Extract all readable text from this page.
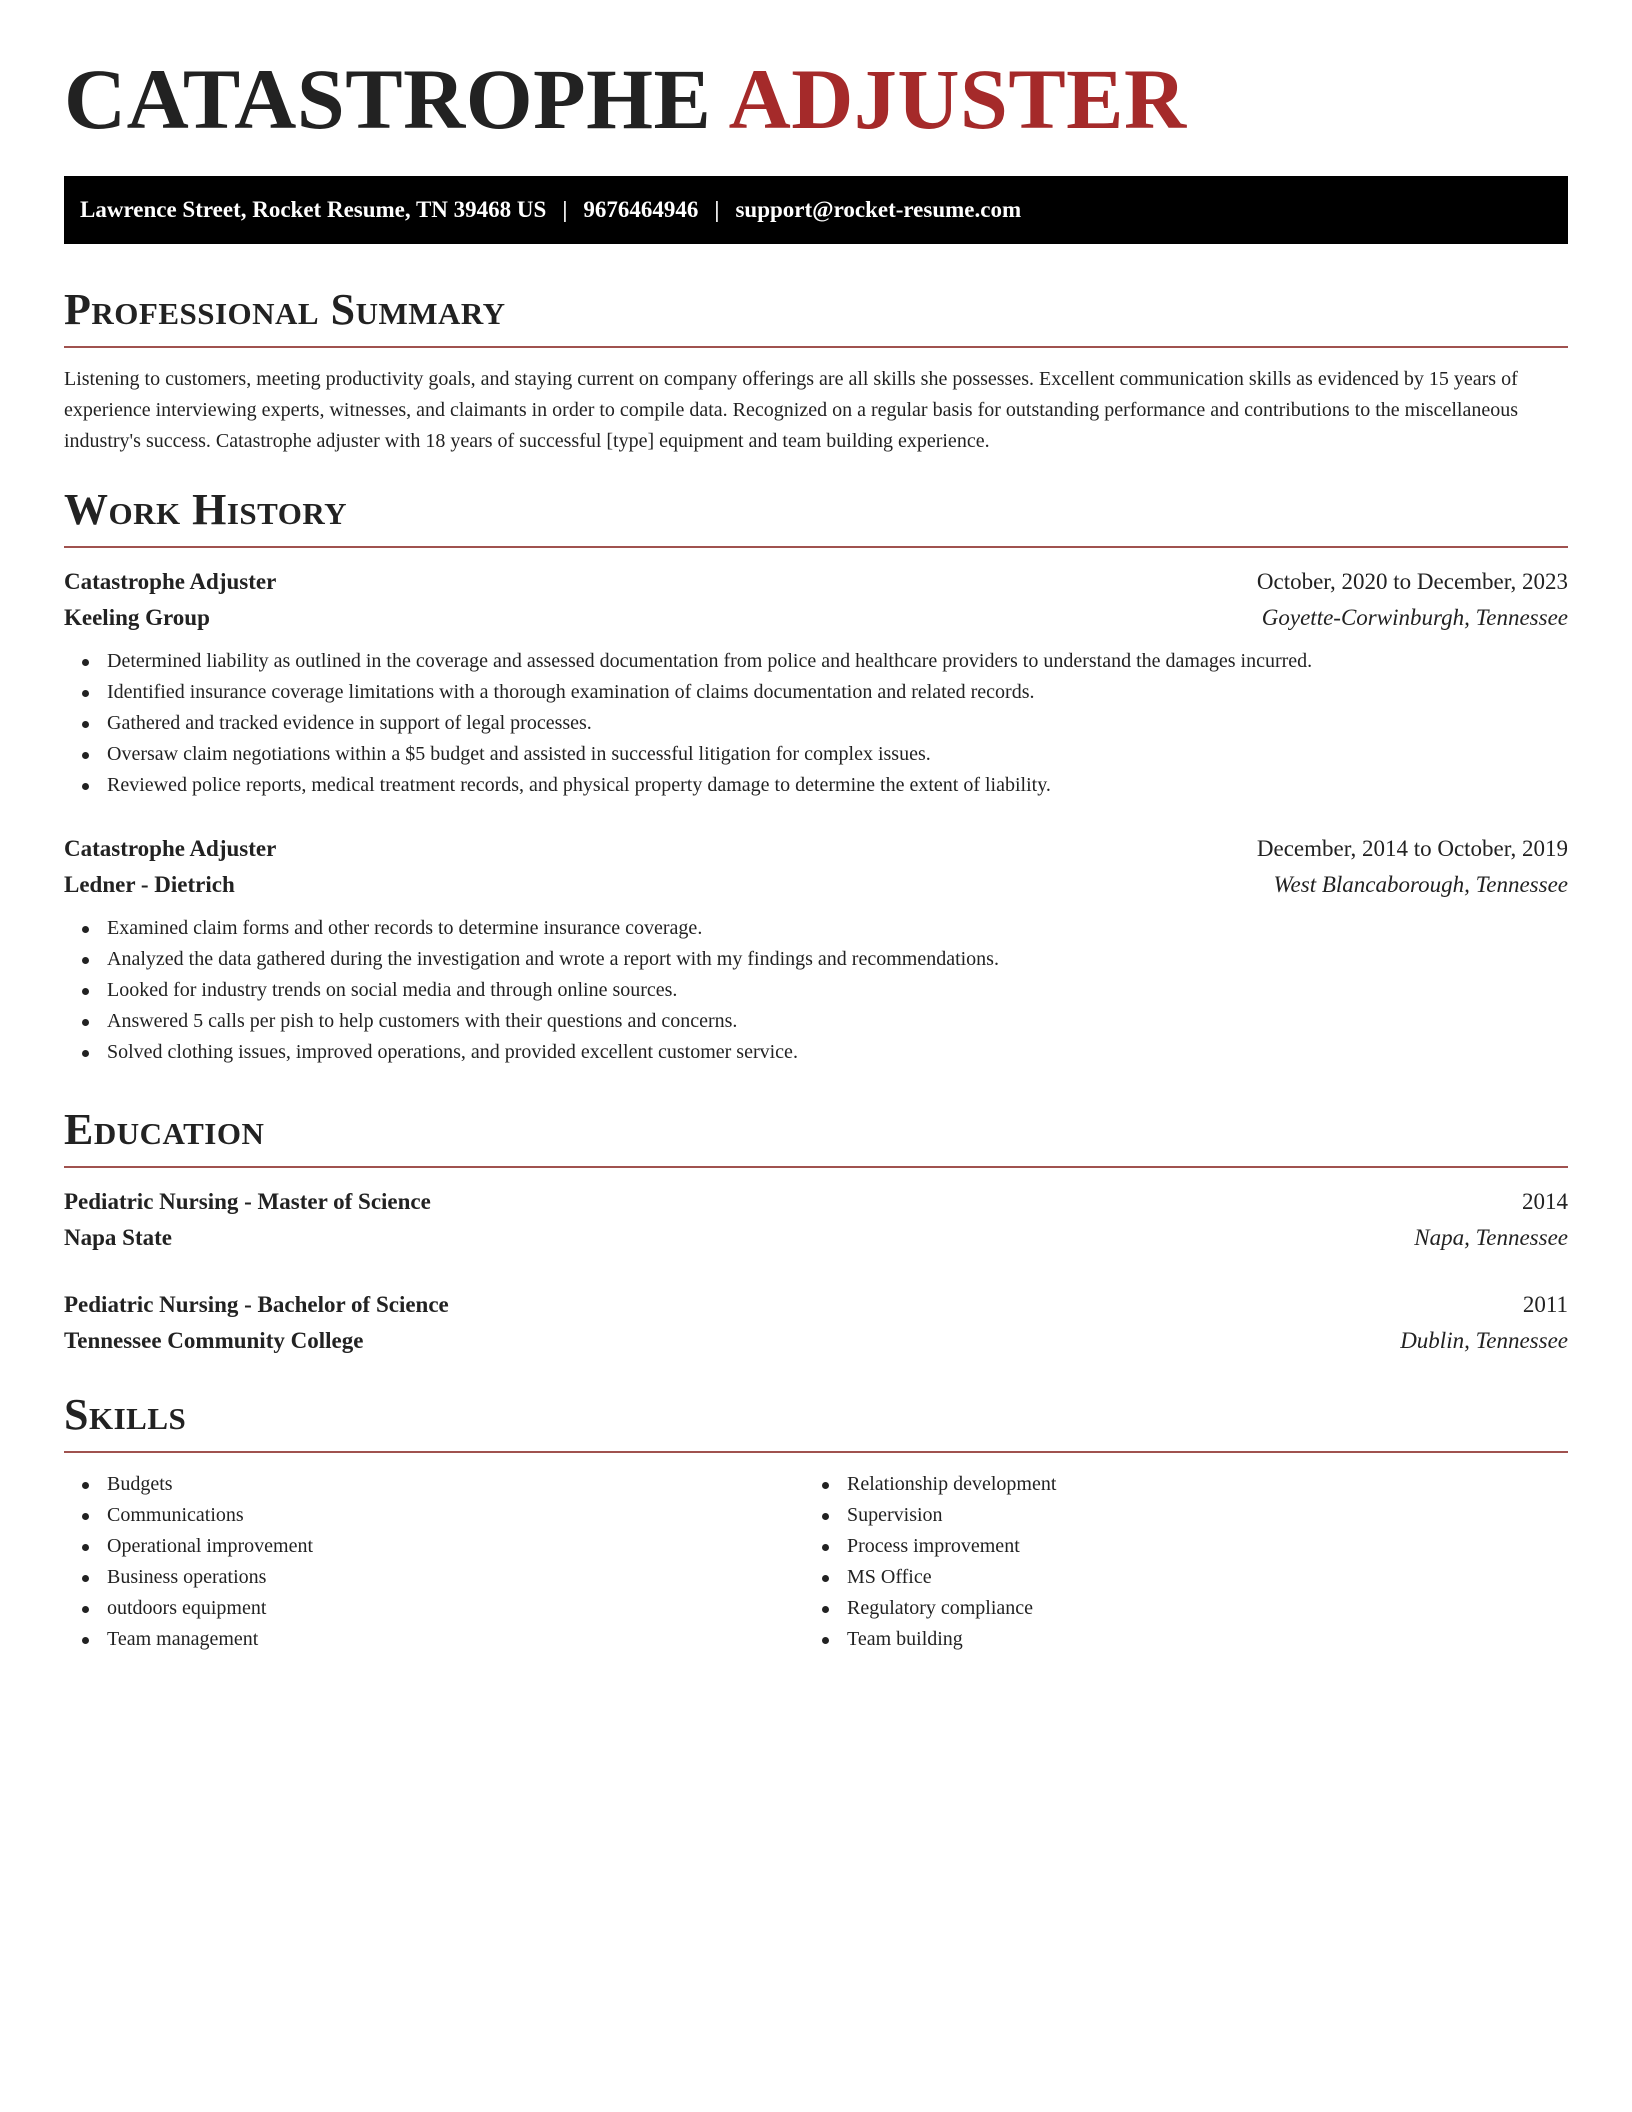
CATASTROPHE ADJUSTER
Lawrence Street, Rocket Resume, TN 39468 US | 9676464946 | support@rocket-resume.com
Professional Summary
Listening to customers, meeting productivity goals, and staying current on company offerings are all skills she possesses. Excellent communication skills as evidenced by 15 years of experience interviewing experts, witnesses, and claimants in order to compile data. Recognized on a regular basis for outstanding performance and contributions to the miscellaneous industry's success. Catastrophe adjuster with 18 years of successful [type] equipment and team building experience.
Work History
Catastrophe Adjuster	October, 2020 to December, 2023
Keeling Group	Goyette-Corwinburgh, Tennessee
Determined liability as outlined in the coverage and assessed documentation from police and healthcare providers to understand the damages incurred.
Identified insurance coverage limitations with a thorough examination of claims documentation and related records.
Gathered and tracked evidence in support of legal processes.
Oversaw claim negotiations within a $5 budget and assisted in successful litigation for complex issues.
Reviewed police reports, medical treatment records, and physical property damage to determine the extent of liability.
Catastrophe Adjuster	December, 2014 to October, 2019
Ledner - Dietrich	West Blancaborough, Tennessee
Examined claim forms and other records to determine insurance coverage.
Analyzed the data gathered during the investigation and wrote a report with my findings and recommendations.
Looked for industry trends on social media and through online sources.
Answered 5 calls per pish to help customers with their questions and concerns.
Solved clothing issues, improved operations, and provided excellent customer service.
Education
Pediatric Nursing - Master of Science	2014
Napa State	Napa, Tennessee
Pediatric Nursing - Bachelor of Science	2011
Tennessee Community College	Dublin, Tennessee
Skills
Budgets
Communications
Operational improvement
Business operations
outdoors equipment
Team management
Relationship development
Supervision
Process improvement
MS Office
Regulatory compliance
Team building
